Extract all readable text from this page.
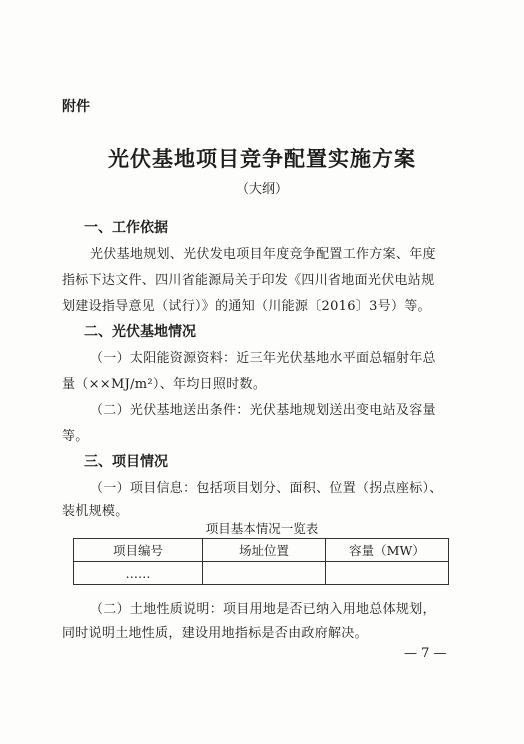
附件
光伏基地项目竞争配置实施方案
（大纲）
一、工作依据
光伏基地规划、光伏发电项目年度竞争配置工作方案、年度
指标下达文件、四川省能源局关于印发《四川省地面光伏电站规
划建设指导意见（试行）》的通知（川能源〔2016〕3号）等。
二、光伏基地情况
（一）太阳能资源资料：近三年光伏基地水平面总辐射年总
量（××MJ/m²）、年均日照时数。
（二）光伏基地送出条件：光伏基地规划送出变电站及容量
等。
三、项目情况
（一）项目信息：包括项目划分、面积、位置（拐点座标）、
装机规模。
项目基本情况一览表
项目编号	场址位置	容量（MW）
……		
（二）土地性质说明：项目用地是否已纳入用地总体规划，
同时说明土地性质，建设用地指标是否由政府解决。
— 7 —
